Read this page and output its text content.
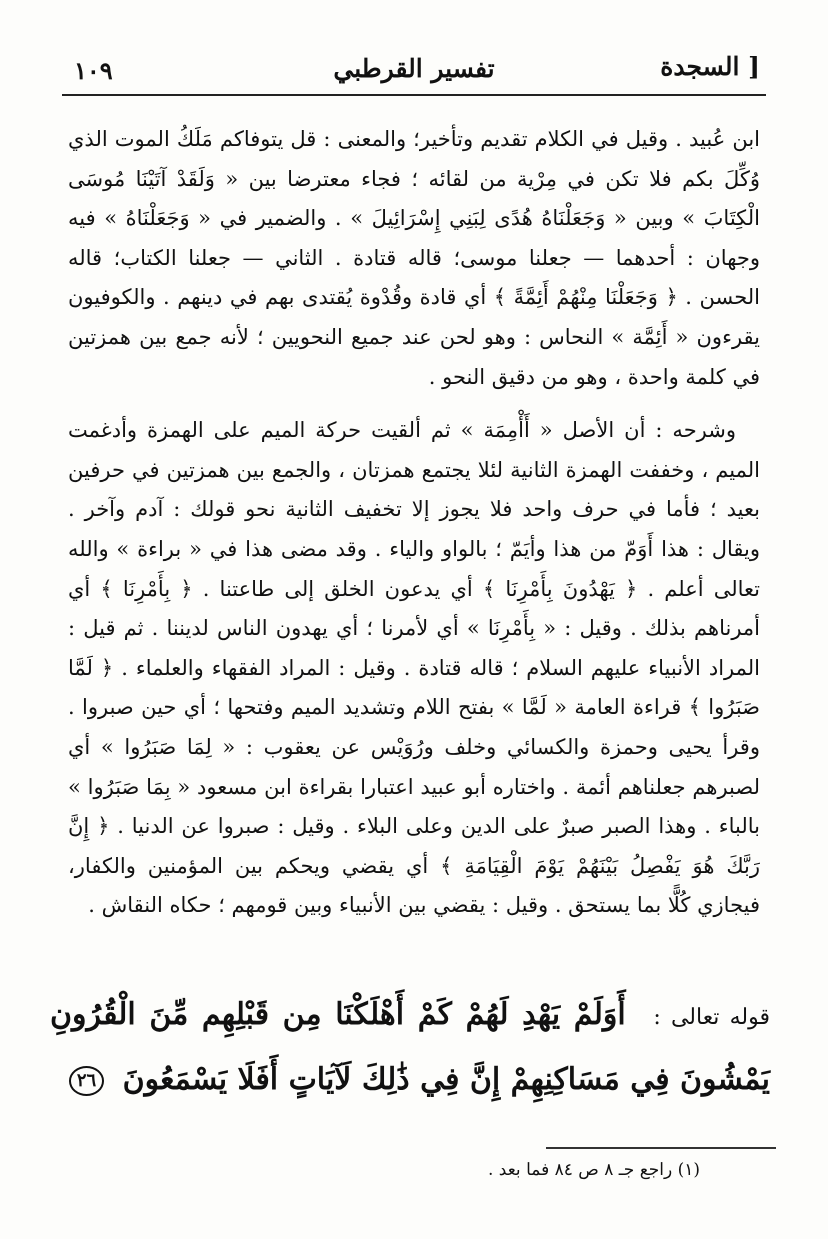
١٠٩	تفسير القرطبي	السجدة ]

ابن عُبيد . وقيل في الكلام تقديم وتأخير؛ والمعنى : قل يتوفاكم مَلَكُ الموت الذي وُكِّلَ بكم فلا تكن في مِرْية من لقائه ؛ فجاء معترضا بين « وَلَقَدْ آتَيْنَا مُوسَى الْكِتَابَ » وبين « وَجَعَلْنَاهُ هُدًى لِبَنِي إِسْرَائِيلَ » . والضمير في « وَجَعَلْنَاهُ » فيه وجهان : أحدهما — جعلنا موسى؛ قاله قتادة . الثاني — جعلنا الكتاب؛ قاله الحسن . ﴿ وَجَعَلْنَا مِنْهُمْ أَئِمَّةً ﴾ أي قادة وقُدْوة يُقتدى بهم في دينهم . والكوفيون يقرءون « أَئِمَّة » النحاس : وهو لحن عند جميع النحويين ؛ لأنه جمع بين همزتين في كلمة واحدة ، وهو من دقيق النحو .

وشرحه : أن الأصل « أَأْمِمَة » ثم ألقيت حركة الميم على الهمزة وأدغمت الميم ، وخففت الهمزة الثانية لئلا يجتمع همزتان ، والجمع بين همزتين في حرفين بعيد ؛ فأما في حرف واحد فلا يجوز إلا تخفيف الثانية نحو قولك : آدم وآخر . ويقال : هذا أَوَمّ من هذا وأيَمّ ؛ بالواو والياء . وقد مضى هذا في « براءة » والله تعالى أعلم . ﴿ يَهْدُونَ بِأَمْرِنَا ﴾ أي يدعون الخلق إلى طاعتنا . ﴿ بِأَمْرِنَا ﴾ أي أمرناهم بذلك . وقيل : « بِأَمْرِنَا » أي لأمرنا ؛ أي يهدون الناس لديننا . ثم قيل : المراد الأنبياء عليهم السلام ؛ قاله قتادة . وقيل : المراد الفقهاء والعلماء . ﴿ لَمَّا صَبَرُوا ﴾ قراءة العامة « لَمَّا » بفتح اللام وتشديد الميم وفتحها ؛ أي حين صبروا . وقرأ يحيى وحمزة والكسائي وخلف ورُوَيْس عن يعقوب : « لِمَا صَبَرُوا » أي لصبرهم جعلناهم أئمة . واختاره أبو عبيد اعتبارا بقراءة ابن مسعود « بِمَا صَبَرُوا » بالباء . وهذا الصبر صبرٌ على الدين وعلى البلاء . وقيل : صبروا عن الدنيا . ﴿ إِنَّ رَبَّكَ هُوَ يَفْصِلُ بَيْنَهُمْ يَوْمَ الْقِيَامَةِ ﴾ أي يقضي ويحكم بين المؤمنين والكفار، فيجازي كُلًّا بما يستحق . وقيل : يقضي بين الأنبياء وبين قومهم ؛ حكاه النقاش .

قوله تعالى : أَوَلَمْ يَهْدِ لَهُمْ كَمْ أَهْلَكْنَا مِن قَبْلِهِم مِّنَ الْقُرُونِ يَمْشُونَ فِي مَسَاكِنِهِمْ إِنَّ فِي ذَٰلِكَ لَآيَاتٍ أَفَلَا يَسْمَعُونَ ٢٦
(١) راجع جـ ٨ ص ٨٤ فما بعد .
